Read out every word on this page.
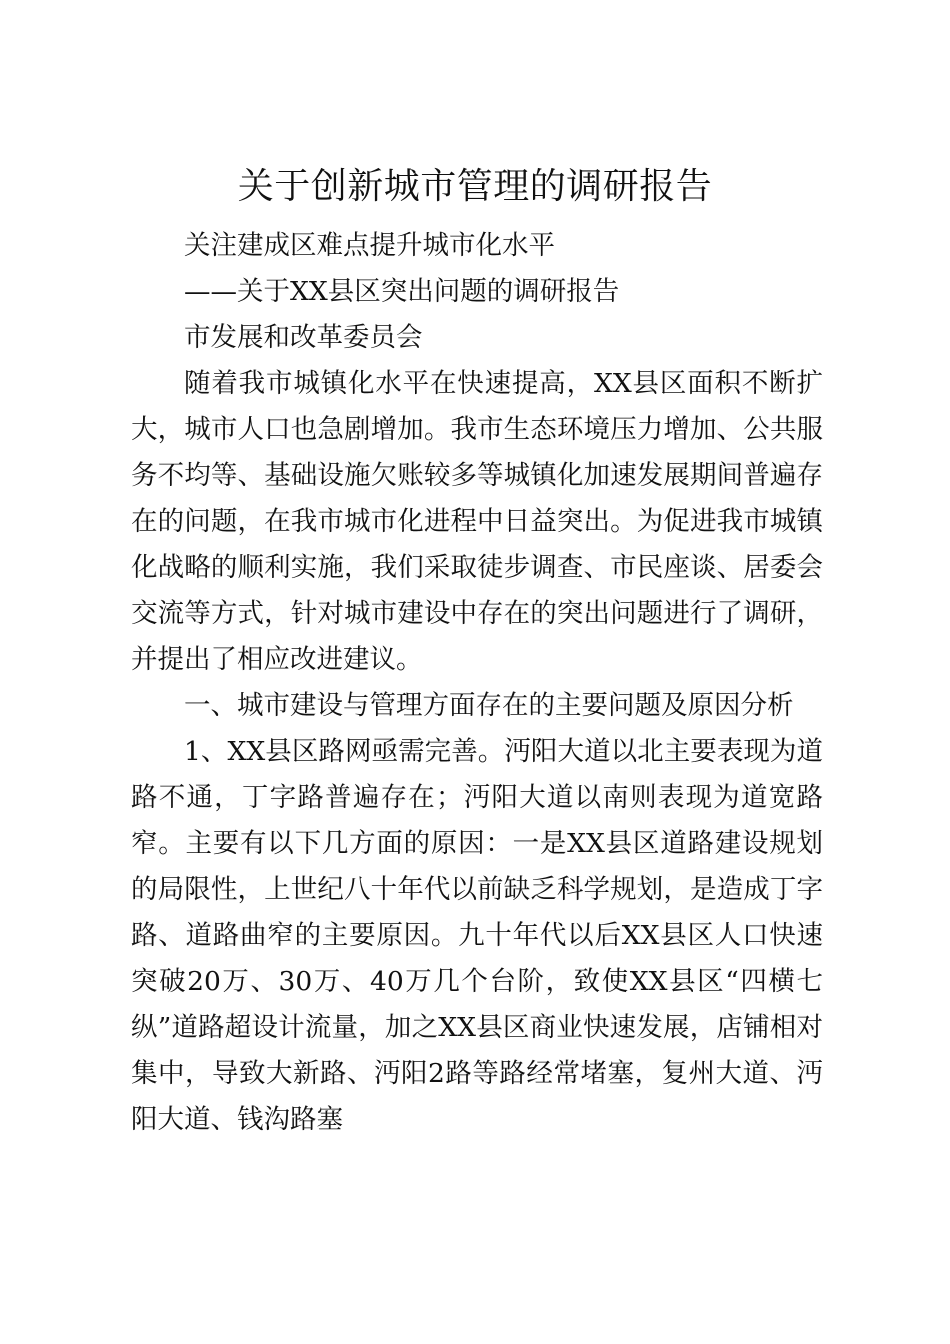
关于创新城市管理的调研报告

关注建成区难点提升城市化水平

——关于XX县区突出问题的调研报告

市发展和改革委员会

随着我市城镇化水平在快速提高，XX县区面积不断扩大，城市人口也急剧增加。我市生态环境压力增加、公共服务不均等、基础设施欠账较多等城镇化加速发展期间普遍存在的问题，在我市城市化进程中日益突出。为促进我市城镇化战略的顺利实施，我们采取徒步调查、市民座谈、居委会交流等方式，针对城市建设中存在的突出问题进行了调研，并提出了相应改进建议。

一、城市建设与管理方面存在的主要问题及原因分析

1、XX县区路网亟需完善。沔阳大道以北主要表现为道路不通，丁字路普遍存在；沔阳大道以南则表现为道宽路窄。主要有以下几方面的原因：一是XX县区道路建设规划的局限性，上世纪八十年代以前缺乏科学规划，是造成丁字路、道路曲窄的主要原因。九十年代以后XX县区人口快速突破20万、30万、40万几个台阶，致使XX县区“四横七纵”道路超设计流量，加之XX县区商业快速发展，店铺相对集中，导致大新路、沔阳2路等路经常堵塞，复州大道、沔阳大道、钱沟路塞
